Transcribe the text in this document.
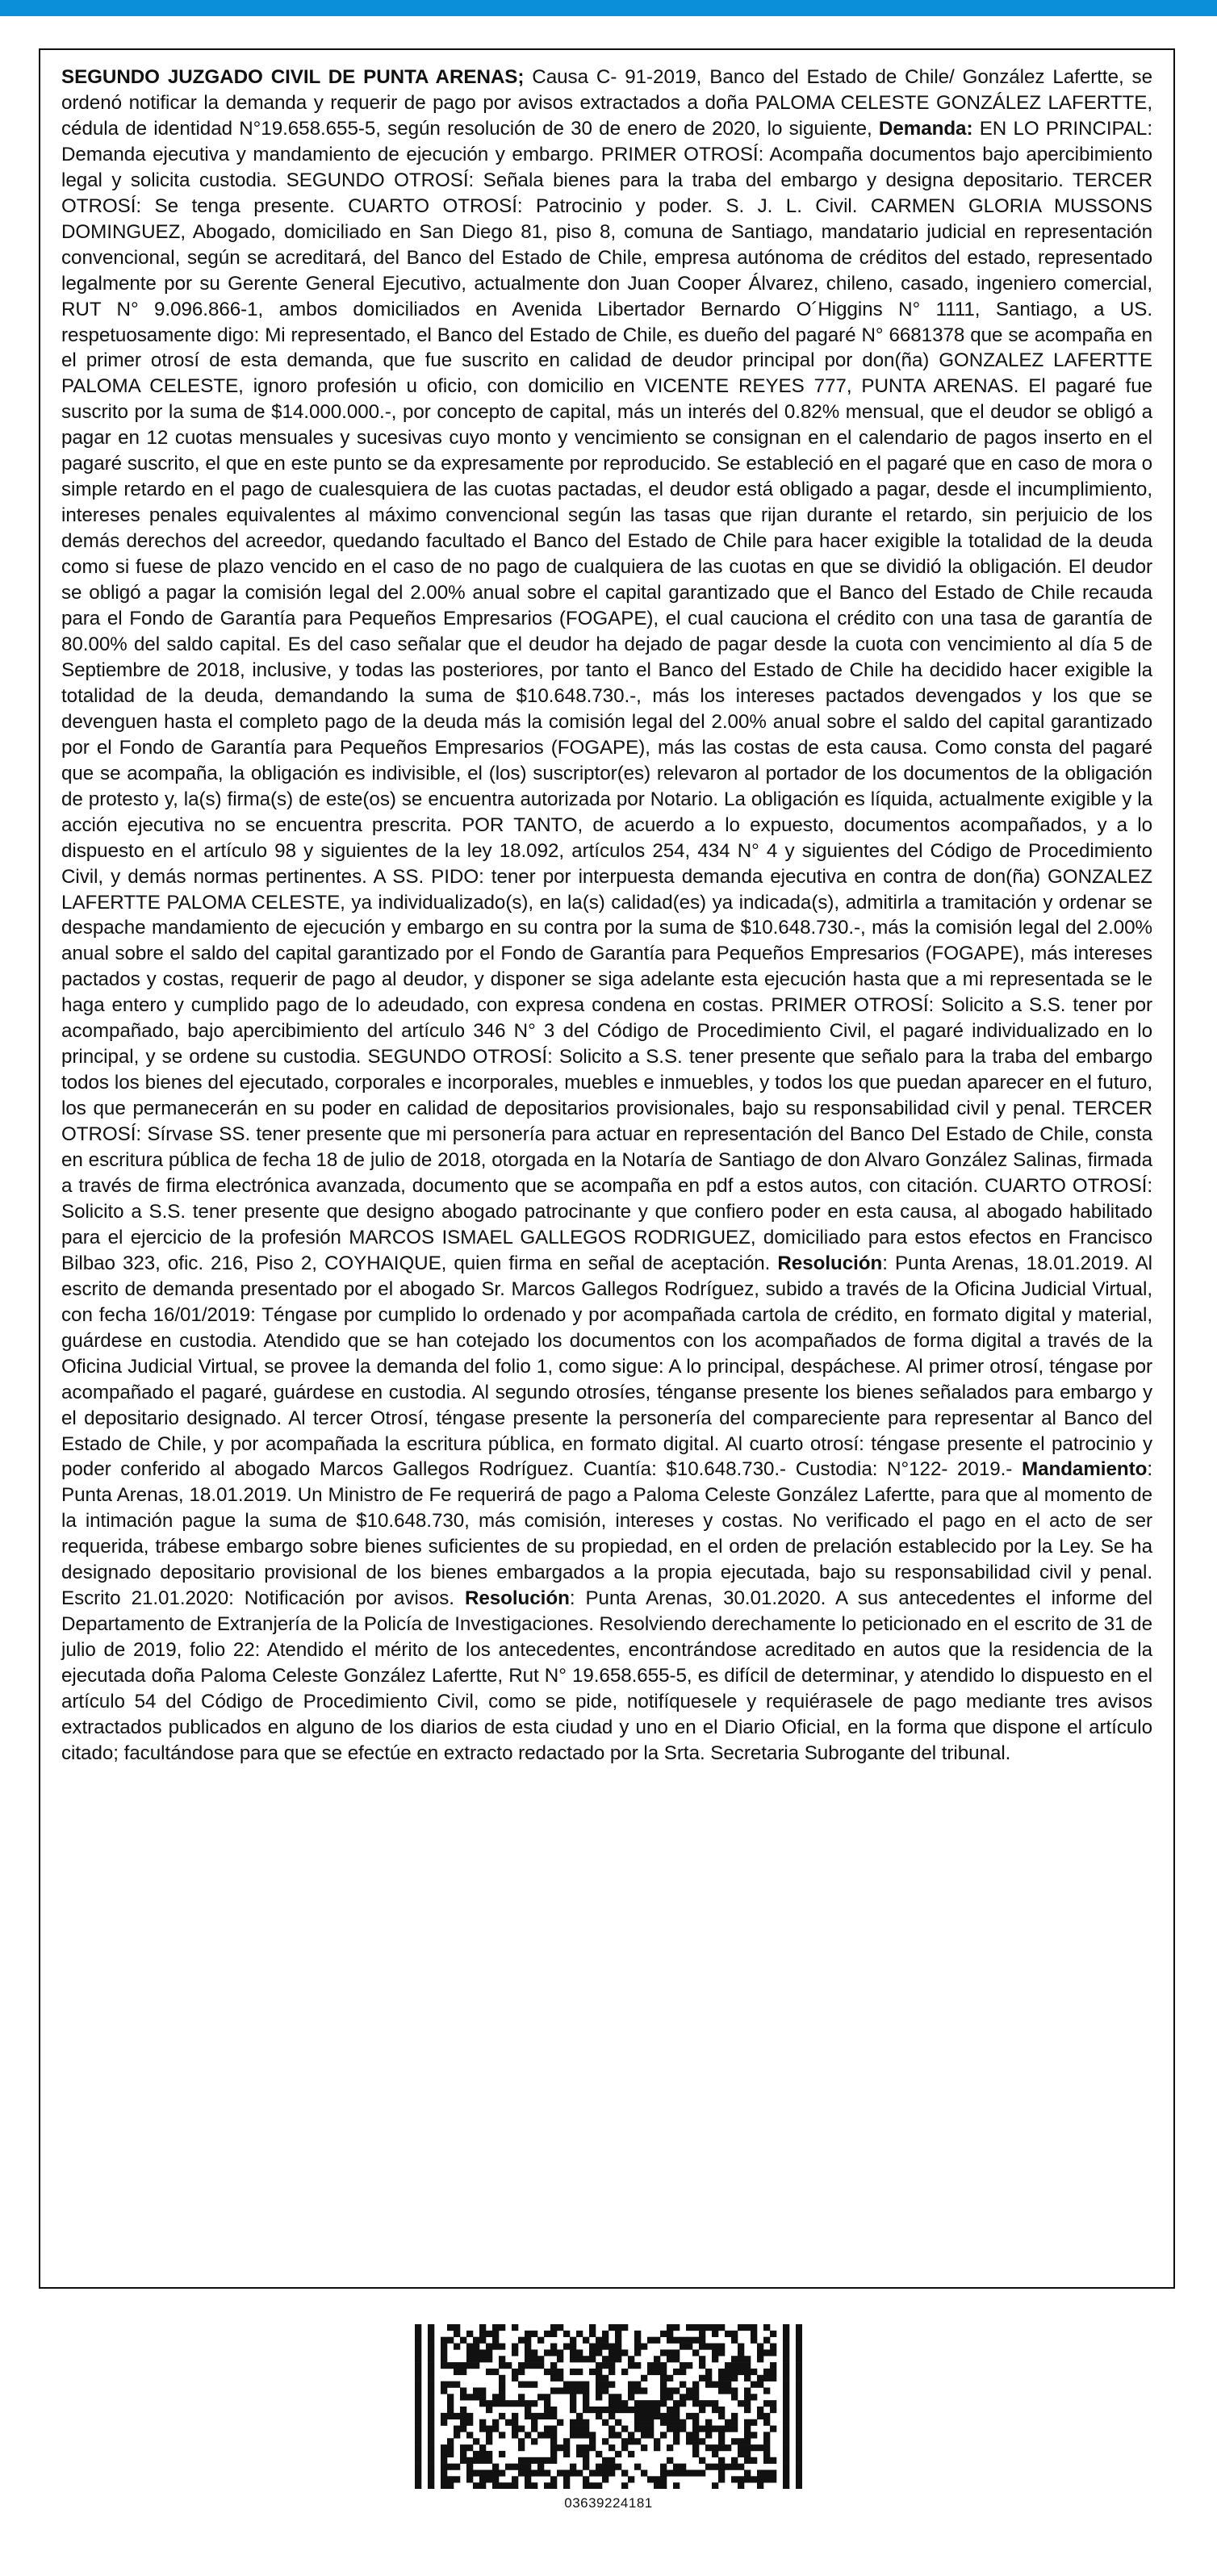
SEGUNDO JUZGADO CIVIL DE PUNTA ARENAS; Causa C- 91-2019, Banco del Estado de Chile/ González Lafertte, se ordenó notificar la demanda y requerir de pago por avisos extractados a doña PALOMA CELESTE GONZÁLEZ LAFERTTE, cédula de identidad N°19.658.655-5, según resolución de 30 de enero de 2020, lo siguiente, Demanda: EN LO PRINCIPAL: Demanda ejecutiva y mandamiento de ejecución y embargo. PRIMER OTROSÍ: Acompaña documentos bajo apercibimiento legal y solicita custodia. SEGUNDO OTROSÍ: Señala bienes para la traba del embargo y designa depositario. TERCER OTROSÍ: Se tenga presente. CUARTO OTROSÍ: Patrocinio y poder. S. J. L. Civil. CARMEN GLORIA MUSSONS DOMINGUEZ, Abogado, domiciliado en San Diego 81, piso 8, comuna de Santiago, mandatario judicial en representación convencional, según se acreditará, del Banco del Estado de Chile, empresa autónoma de créditos del estado, representado legalmente por su Gerente General Ejecutivo, actualmente don Juan Cooper Álvarez, chileno, casado, ingeniero comercial, RUT N° 9.096.866-1, ambos domiciliados en Avenida Libertador Bernardo O´Higgins N° 1111, Santiago, a US. respetuosamente digo: Mi representado, el Banco del Estado de Chile, es dueño del pagaré N° 6681378 que se acompaña en el primer otrosí de esta demanda, que fue suscrito en calidad de deudor principal por don(ña) GONZALEZ LAFERTTE PALOMA CELESTE, ignoro profesión u oficio, con domicilio en VICENTE REYES 777, PUNTA ARENAS. El pagaré fue suscrito por la suma de $14.000.000.-, por concepto de capital, más un interés del 0.82% mensual, que el deudor se obligó a pagar en 12 cuotas mensuales y sucesivas cuyo monto y vencimiento se consignan en el calendario de pagos inserto en el pagaré suscrito, el que en este punto se da expresamente por reproducido. Se estableció en el pagaré que en caso de mora o simple retardo en el pago de cualesquiera de las cuotas pactadas, el deudor está obligado a pagar, desde el incumplimiento, intereses penales equivalentes al máximo convencional según las tasas que rijan durante el retardo, sin perjuicio de los demás derechos del acreedor, quedando facultado el Banco del Estado de Chile para hacer exigible la totalidad de la deuda como si fuese de plazo vencido en el caso de no pago de cualquiera de las cuotas en que se dividió la obligación. El deudor se obligó a pagar la comisión legal del 2.00% anual sobre el capital garantizado que el Banco del Estado de Chile recauda para el Fondo de Garantía para Pequeños Empresarios (FOGAPE), el cual cauciona el crédito con una tasa de garantía de 80.00% del saldo capital. Es del caso señalar que el deudor ha dejado de pagar desde la cuota con vencimiento al día 5 de Septiembre de 2018, inclusive, y todas las posteriores, por tanto el Banco del Estado de Chile ha decidido hacer exigible la totalidad de la deuda, demandando la suma de $10.648.730.-, más los intereses pactados devengados y los que se devenguen hasta el completo pago de la deuda más la comisión legal del 2.00% anual sobre el saldo del capital garantizado por el Fondo de Garantía para Pequeños Empresarios (FOGAPE), más las costas de esta causa. Como consta del pagaré que se acompaña, la obligación es indivisible, el (los) suscriptor(es) relevaron al portador de los documentos de la obligación de protesto y, la(s) firma(s) de este(os) se encuentra autorizada por Notario. La obligación es líquida, actualmente exigible y la acción ejecutiva no se encuentra prescrita. POR TANTO, de acuerdo a lo expuesto, documentos acompañados, y a lo dispuesto en el artículo 98 y siguientes de la ley 18.092, artículos 254, 434 N° 4 y siguientes del Código de Procedimiento Civil, y demás normas pertinentes. A SS. PIDO: tener por interpuesta demanda ejecutiva en contra de don(ña) GONZALEZ LAFERTTE PALOMA CELESTE, ya individualizado(s), en la(s) calidad(es) ya indicada(s), admitirla a tramitación y ordenar se despache mandamiento de ejecución y embargo en su contra por la suma de $10.648.730.-, más la comisión legal del 2.00% anual sobre el saldo del capital garantizado por el Fondo de Garantía para Pequeños Empresarios (FOGAPE), más intereses pactados y costas, requerir de pago al deudor, y disponer se siga adelante esta ejecución hasta que a mi representada se le haga entero y cumplido pago de lo adeudado, con expresa condena en costas. PRIMER OTROSÍ: Solicito a S.S. tener por acompañado, bajo apercibimiento del artículo 346 N° 3 del Código de Procedimiento Civil, el pagaré individualizado en lo principal, y se ordene su custodia. SEGUNDO OTROSÍ: Solicito a S.S. tener presente que señalo para la traba del embargo todos los bienes del ejecutado, corporales e incorporales, muebles e inmuebles, y todos los que puedan aparecer en el futuro, los que permanecerán en su poder en calidad de depositarios provisionales, bajo su responsabilidad civil y penal. TERCER OTROSÍ: Sírvase SS. tener presente que mi personería para actuar en representación del Banco Del Estado de Chile, consta en escritura pública de fecha 18 de julio de 2018, otorgada en la Notaría de Santiago de don Alvaro González Salinas, firmada a través de firma electrónica avanzada, documento que se acompaña en pdf a estos autos, con citación. CUARTO OTROSÍ: Solicito a S.S. tener presente que designo abogado patrocinante y que confiero poder en esta causa, al abogado habilitado para el ejercicio de la profesión MARCOS ISMAEL GALLEGOS RODRIGUEZ, domiciliado para estos efectos en Francisco Bilbao 323, ofic. 216, Piso 2, COYHAIQUE, quien firma en señal de aceptación. Resolución: Punta Arenas, 18.01.2019. Al escrito de demanda presentado por el abogado Sr. Marcos Gallegos Rodríguez, subido a través de la Oficina Judicial Virtual, con fecha 16/01/2019: Téngase por cumplido lo ordenado y por acompañada cartola de crédito, en formato digital y material, guárdese en custodia. Atendido que se han cotejado los documentos con los acompañados de forma digital a través de la Oficina Judicial Virtual, se provee la demanda del folio 1, como sigue: A lo principal, despáchese. Al primer otrosí, téngase por acompañado el pagaré, guárdese en custodia. Al segundo otrosíes, ténganse presente los bienes señalados para embargo y el depositario designado. Al tercer Otrosí, téngase presente la personería del compareciente para representar al Banco del Estado de Chile, y por acompañada la escritura pública, en formato digital. Al cuarto otrosí: téngase presente el patrocinio y poder conferido al abogado Marcos Gallegos Rodríguez. Cuantía: $10.648.730.- Custodia: N°122- 2019.- Mandamiento: Punta Arenas, 18.01.2019. Un Ministro de Fe requerirá de pago a Paloma Celeste González Lafertte, para que al momento de la intimación pague la suma de $10.648.730, más comisión, intereses y costas. No verificado el pago en el acto de ser requerida, trábese embargo sobre bienes suficientes de su propiedad, en el orden de prelación establecido por la Ley. Se ha designado depositario provisional de los bienes embargados a la propia ejecutada, bajo su responsabilidad civil y penal. Escrito 21.01.2020: Notificación por avisos. Resolución: Punta Arenas, 30.01.2020. A sus antecedentes el informe del Departamento de Extranjería de la Policía de Investigaciones. Resolviendo derechamente lo peticionado en el escrito de 31 de julio de 2019, folio 22: Atendido el mérito de los antecedentes, encontrándose acreditado en autos que la residencia de la ejecutada doña Paloma Celeste González Lafertte, Rut N° 19.658.655-5, es difícil de determinar, y atendido lo dispuesto en el artículo 54 del Código de Procedimiento Civil, como se pide, notifíquesele y requiérasele de pago mediante tres avisos extractados publicados en alguno de los diarios de esta ciudad y uno en el Diario Oficial, en la forma que dispone el artículo citado; facultándose para que se efectúe en extracto redactado por la Srta. Secretaria Subrogante del tribunal.

03639224181
